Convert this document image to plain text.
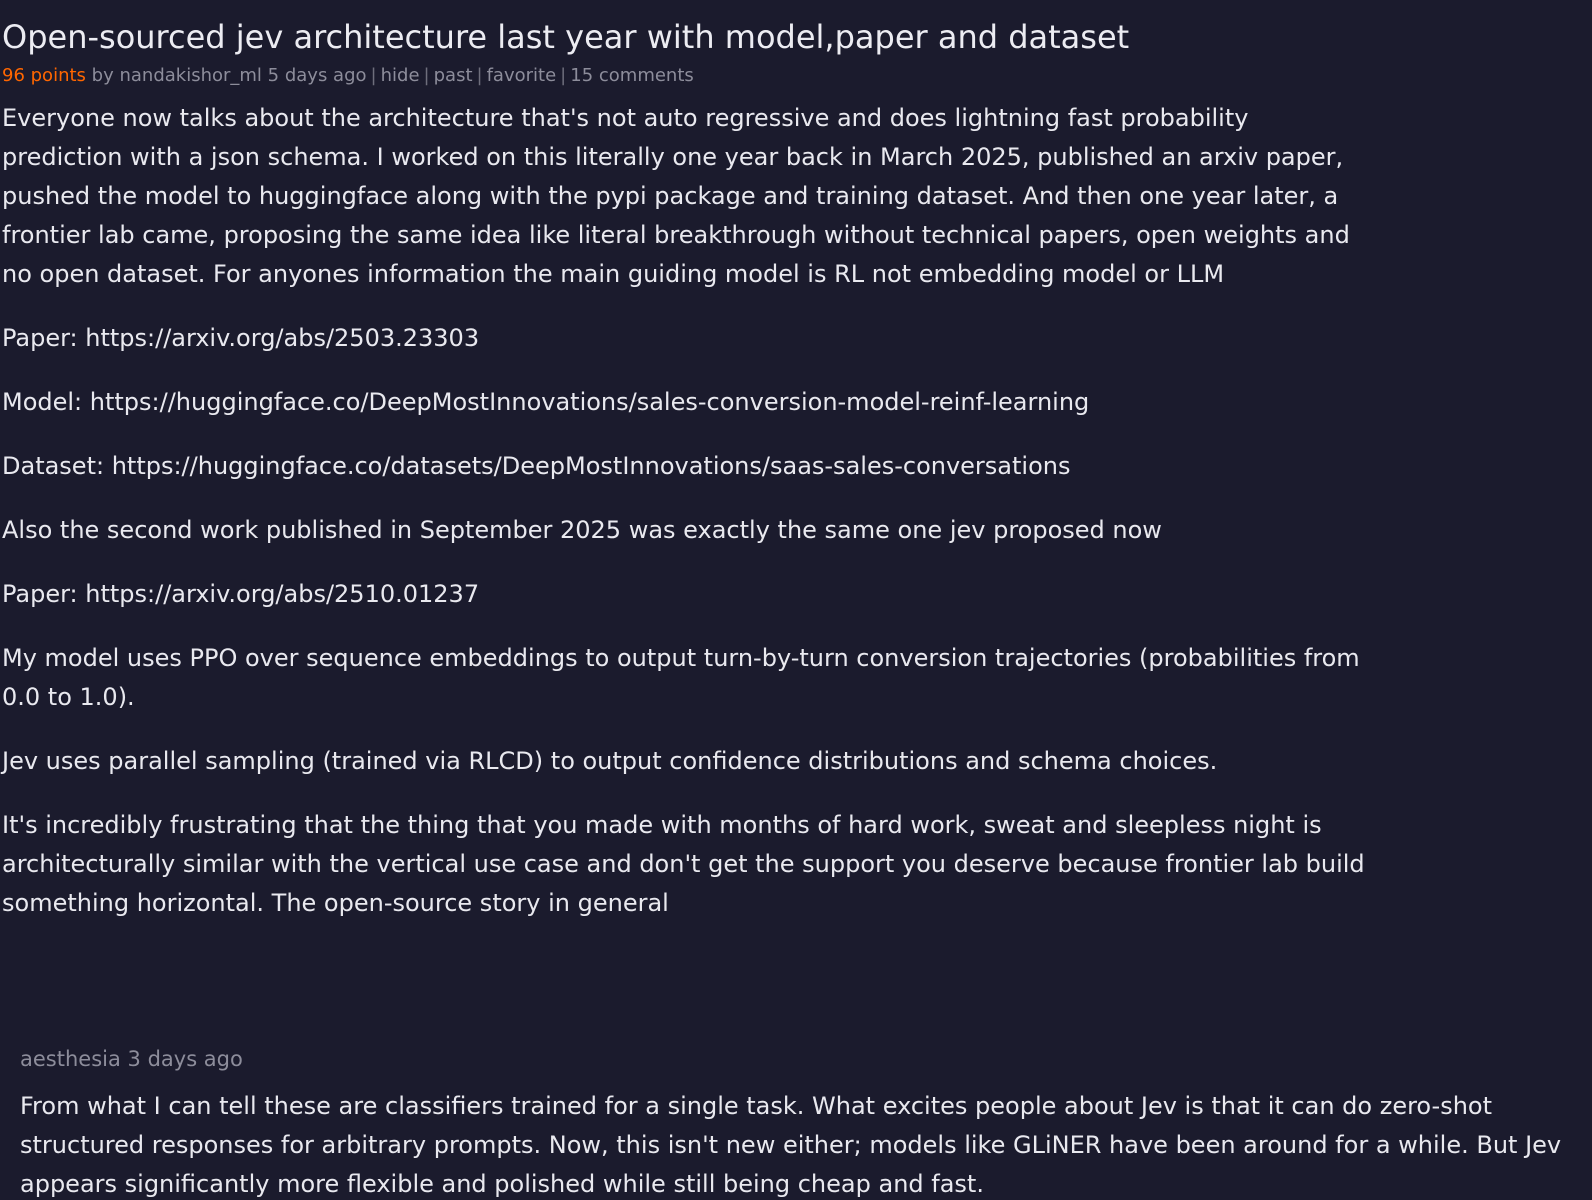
Open-sourced jev architecture last year with model,paper and dataset
96 points by nandakishor_ml 5 days ago | hide | past | favorite | 15 comments

Everyone now talks about the architecture that's not auto regressive and does lightning fast probability prediction with a json schema. I worked on this literally one year back in March 2025, published an arxiv paper, pushed the model to huggingface along with the pypi package and training dataset. And then one year later, a frontier lab came, proposing the same idea like literal breakthrough without technical papers, open weights and no open dataset. For anyones information the main guiding model is RL not embedding model or LLM

Paper: https://arxiv.org/abs/2503.23303

Model: https://huggingface.co/DeepMostInnovations/sales-conversion-model-reinf-learning

Dataset: https://huggingface.co/datasets/DeepMostInnovations/saas-sales-conversations

Also the second work published in September 2025 was exactly the same one jev proposed now

Paper: https://arxiv.org/abs/2510.01237

My model uses PPO over sequence embeddings to output turn-by-turn conversion trajectories (probabilities from 0.0 to 1.0).

Jev uses parallel sampling (trained via RLCD) to output confidence distributions and schema choices.

It's incredibly frustrating that the thing that you made with months of hard work, sweat and sleepless night is architecturally similar with the vertical use case and don't get the support you deserve because frontier lab build something horizontal. The open-source story in general

aesthesia 3 days ago
From what I can tell these are classifiers trained for a single task. What excites people about Jev is that it can do zero-shot structured responses for arbitrary prompts. Now, this isn't new either; models like GLiNER have been around for a while. But Jev appears significantly more flexible and polished while still being cheap and fast.
